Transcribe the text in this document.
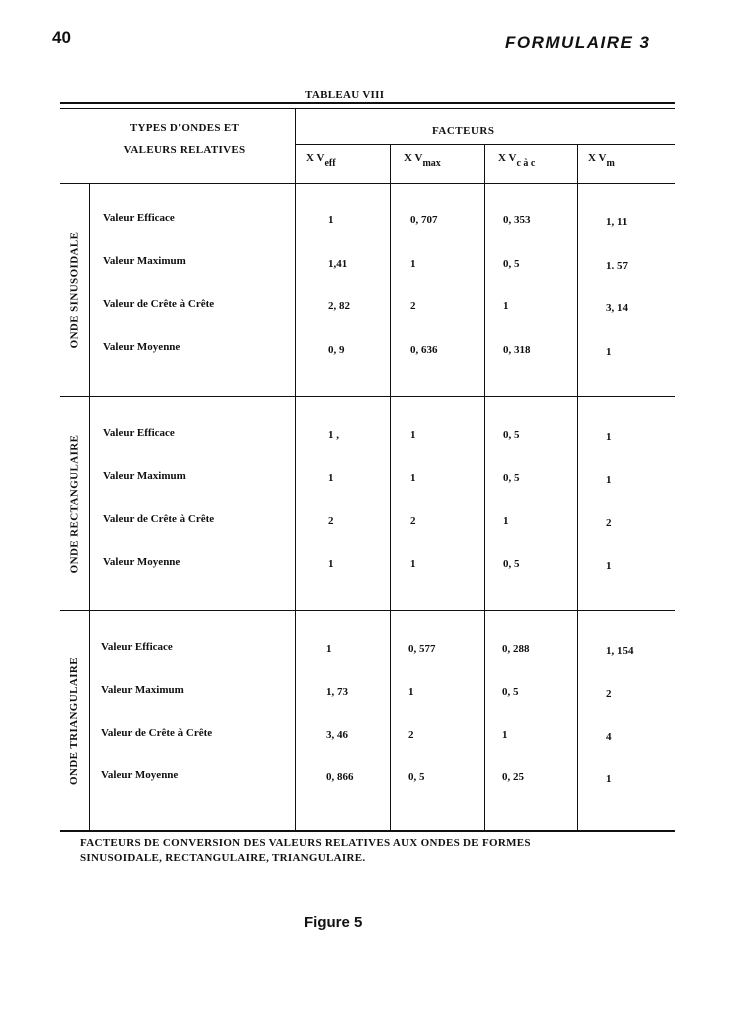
40	FORMULAIRE 3
TABLEAU VIII
TYPES D'ONDES ET
VALEURS RELATIVES
FACTEURS
X $V_{eff}$	X $V_{max}$	X $V_{c à c}$	X $V_m$
ONDE SINUSOIDALE
Valeur Efficace	1	0, 707	0, 353	1, 11
Valeur Maximum	1,41	1	0, 5	1. 57
Valeur de Crête à Crête	2, 82	2	1	3, 14
Valeur Moyenne	0, 9	0, 636	0, 318	1
ONDE RECTANGULAIRE
Valeur Efficace	1 ,	1	0, 5	1
Valeur Maximum	1	1	0, 5	1
Valeur de Crête à Crête	2	2	1	2
Valeur Moyenne	1	1	0, 5	1
ONDE TRIANGULAIRE
Valeur Efficace	1	0, 577	0, 288	1, 154
Valeur Maximum	1, 73	1	0, 5	2
Valeur de Crête à Crête	3, 46	2	1	4
Valeur Moyenne	0, 866	0, 5	0, 25	1
FACTEURS DE CONVERSION DES VALEURS RELATIVES AUX ONDES DE FORMES
SINUSOIDALE, RECTANGULAIRE, TRIANGULAIRE.
Figure 5
